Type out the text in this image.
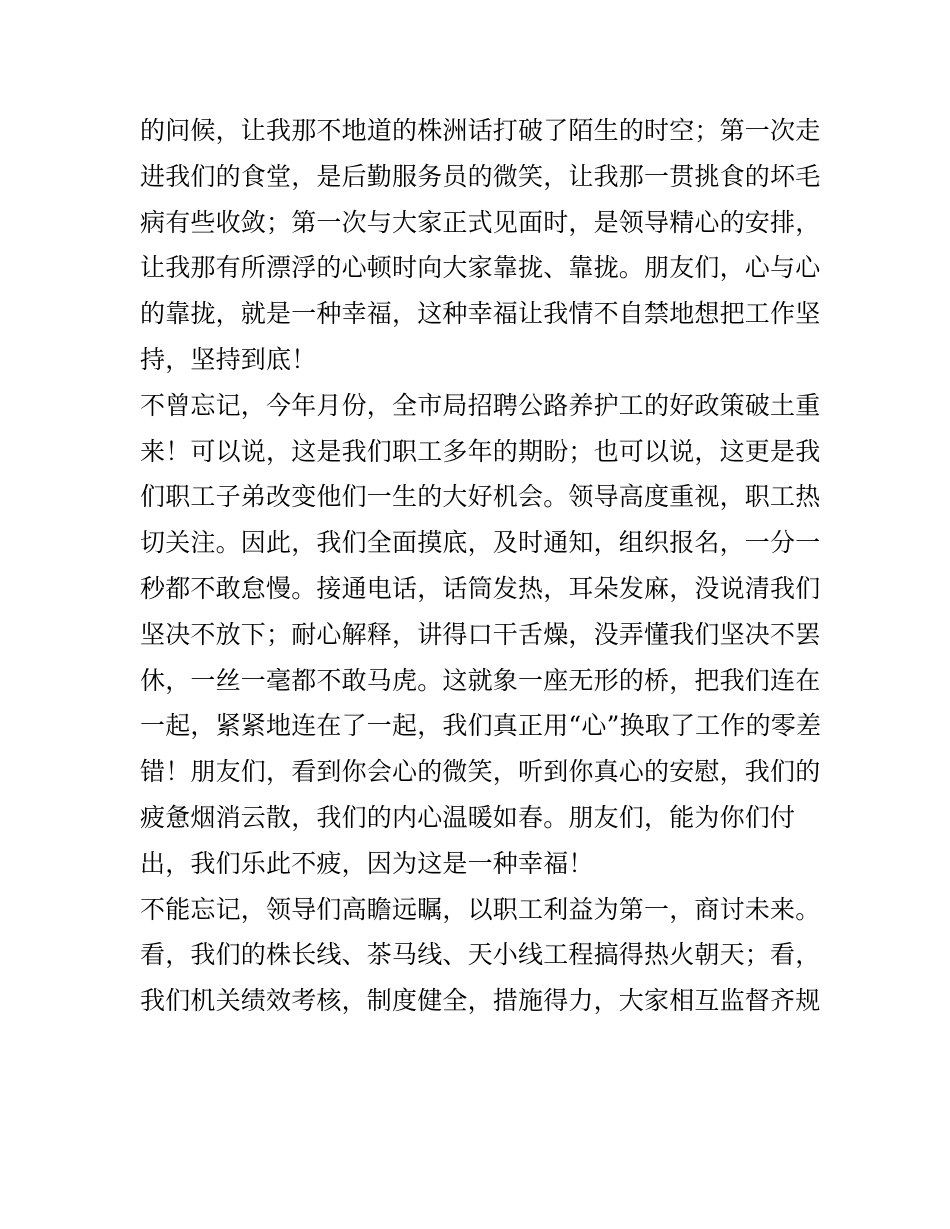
的问候，让我那不地道的株洲话打破了陌生的时空；第一次走
进我们的食堂，是后勤服务员的微笑，让我那一贯挑食的坏毛
病有些收敛；第一次与大家正式见面时，是领导精心的安排，
让我那有所漂浮的心顿时向大家靠拢、靠拢。朋友们，心与心
的靠拢，就是一种幸福，这种幸福让我情不自禁地想把工作坚
持，坚持到底！
不曾忘记，今年月份，全市局招聘公路养护工的好政策破土重
来！可以说，这是我们职工多年的期盼；也可以说，这更是我
们职工子弟改变他们一生的大好机会。领导高度重视，职工热
切关注。因此，我们全面摸底，及时通知，组织报名，一分一
秒都不敢怠慢。接通电话，话筒发热，耳朵发麻，没说清我们
坚决不放下；耐心解释，讲得口干舌燥，没弄懂我们坚决不罢
休，一丝一毫都不敢马虎。这就象一座无形的桥，把我们连在
一起，紧紧地连在了一起，我们真正用“心”换取了工作的零差
错！朋友们，看到你会心的微笑，听到你真心的安慰，我们的
疲惫烟消云散，我们的内心温暖如春。朋友们，能为你们付
出，我们乐此不疲，因为这是一种幸福！
不能忘记，领导们高瞻远瞩，以职工利益为第一，商讨未来。
看，我们的株长线、茶马线、天小线工程搞得热火朝天；看，
我们机关绩效考核，制度健全，措施得力，大家相互监督齐规
